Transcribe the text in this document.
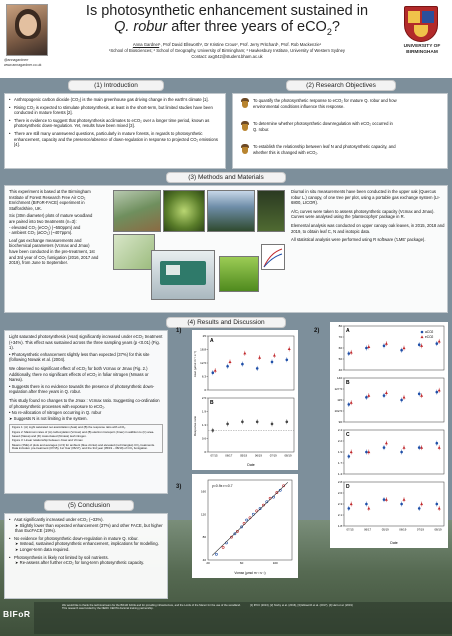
@annagardnerr
www.annagardner.co.uk
Is photosynthetic enhancement sustained in
Q. robur after three years of eCO$_2$?
Anna Gardner¹, Prof David Ellsworth², Dr Kristine Crous², Prof. Jerry Pritchard¹, Prof. Rob Mackenzie¹
¹School of Biosciences; ² School of Geography, University of Birmingham; ³ Hawkesbury Institute, University of Western Sydney
Contact: axg042@student.bham.ac.uk
UNIVERSITY OF BIRMINGHAM
(1) Introduction	(2) Research Objectives
• Anthropogenic carbon dioxide (CO₂) is the main greenhouse gas driving change in the earth's climate [1].
• Rising CO₂ is expected to stimulate photosynthesis, at least in the short-term, but limited studies have been conducted in mature forests [2].
• There is evidence to suggest that photosynthesis acclimates to eCO₂ over a longer time period, known as photosynthetic down-regulation. Yet, results have been mixed [3].
• There are still many unanswered questions, particularly in mature forests, in regards to photosynthetic enhancement, capacity and the presence/absence of down-regulation in response to projected CO₂ emissions [4].
To quantify the photosynthetic response to eCO₂ for mature Q. robur and how environmental conditions influence this response.
To determine whether photosynthetic downregulation with eCO₂ occurred in Q. robur.
To establish the relationship between leaf N and photosynthetic capacity, and whether this is changed with eCO₂.
(3) Methods and Materials

This experiment is based at the Birmingham Institute of Forest Research Free Air CO₂ Enrichment (BIFoR-FACE) experiment in Staffordshire, UK.

Six (30m diameter) plots of mature woodland are paired into two treatments (n=3):

- elevated CO₂ (eCO₂) (~550ppm) and

- ambient CO₂ (aCO₂) (~407ppm).

Leaf gas exchange measurements and biochemical parameters (Vcmax and Jmax) have been conducted in the pre-treatment, 1st and 3rd year of CO₂ fumigation (2016, 2017 and 2019), from June to September.

Diurnal in situ measurements have been conducted in the upper oak (Quercus robur L.) canopy, of one tree per plot, using a portable gas exchange system (LI-6800, LICOR).

A/Cᵢ curves were taken to assess photosynthetic capacity (Vcmax and Jmax). Curves were analysed using the 'plantecophys' package in R.

Elemental analysis was conducted on upper canopy oak leaves, in 2015, 2018 and 2019, to obtain leaf C, N and isotopic data.

All statistical analysis were performed using R software ('LME' package).

(4) Results and Discussion

Light saturated photosynthesis (Asat) significantly increased under eCO₂ treatment (+34%). This effect was sustained across the three sampling years (p <0.01) (Fig. 1).

• Photosynthetic enhancement slightly less than expected (37%) for this site (following Nowak et al. (2004).

We observed no significant effect of eCO₂ for both Vcmax or Jmax (Fig. 2.) Additionally, there no significant effects of eCO₂ in foliar nitrogen (Nmass or Narea).

• Suggests there is no evidence towards the presence of photosynthetic down-regulation after three years in Q. robur.

This study found no changes to the Jmax : Vcmax ratio. Suggesting co-ordination of photosynthetic processes with exposure to eCO₂.

• No re-allocation of nitrogen occurring in Q. robur

➤ Suggests N is not limiting in the system.

Figure 1: (A) Light saturated net assimilation (Asat) and (B) the response ratio with eCO₂.

Figure 2: Maximum rates of (A) carboxylation (Vcmax) and (B) electron transport (Jmax) in addition to (C) area-based (Narea) and (D) mass-based (Nmass) leaf nitrogen.

Figure 3: Linear relationship between Jmax and Vcmax.

Means (±SE) of plots and averages (n=3) for ambient (blue circles) and elevated (red triangles) CO₂ treatments. Data includes: pre-treatment (07/15), 1st Year (06/17), and the 3rd year (05/19 – 08/19) of CO₂ fumigation.

(5) Conclusion
• Asat significantly increased under eCO₂ (~33%).
➤ Slightly lower than expected enhancement (37%) and other FACE, but higher than EucFACE (19%).
• No evidence for photosynthetic down-regulation in mature Q. robur.
➤ Instead, sustained photosynthetic enhancement, implications for modelling.
➤ Longer-term data required.
• Photosynthesis is likely not limited by soil nutrients.
➤ Re-assess after further eCO₂ for long-term photosynthetic capacity.
1)
A
0
6.3
12.5
18.8
25
B
0
0.6
1.3
1.9
2.5
07/15	06/17	05/19	06/19	07/19	08/19
Date
Asat (μmol m⁻² s⁻¹)
Response ratio
3)
40
80
120
160
20	60	100
y=0.9x r²=0.7
Vcmax (μmol m⁻² s⁻¹)
2)	A
40
50
60
70
80
B
90
102.5
115
127.5
140
C
1.4
1.7
1.9
2.2
2.4
D
1.8
2.1
2.3
2.6
2.8
07/15	06/17	05/19	06/19	07/19	08/19
aCO2
eCO2
Date
BIFoR
We would like to thank the technical team for the BIFoR FACE and for providing infrastructure, and the Lords of the Manor for the use of the woodland. This research was funded by the NERC CENTA doctoral training partnership.
[1] IPCC (2013), [2] Norby et al. (2016), [3] Ellsworth et al. (2017), [4] Hart et al. (2019)
